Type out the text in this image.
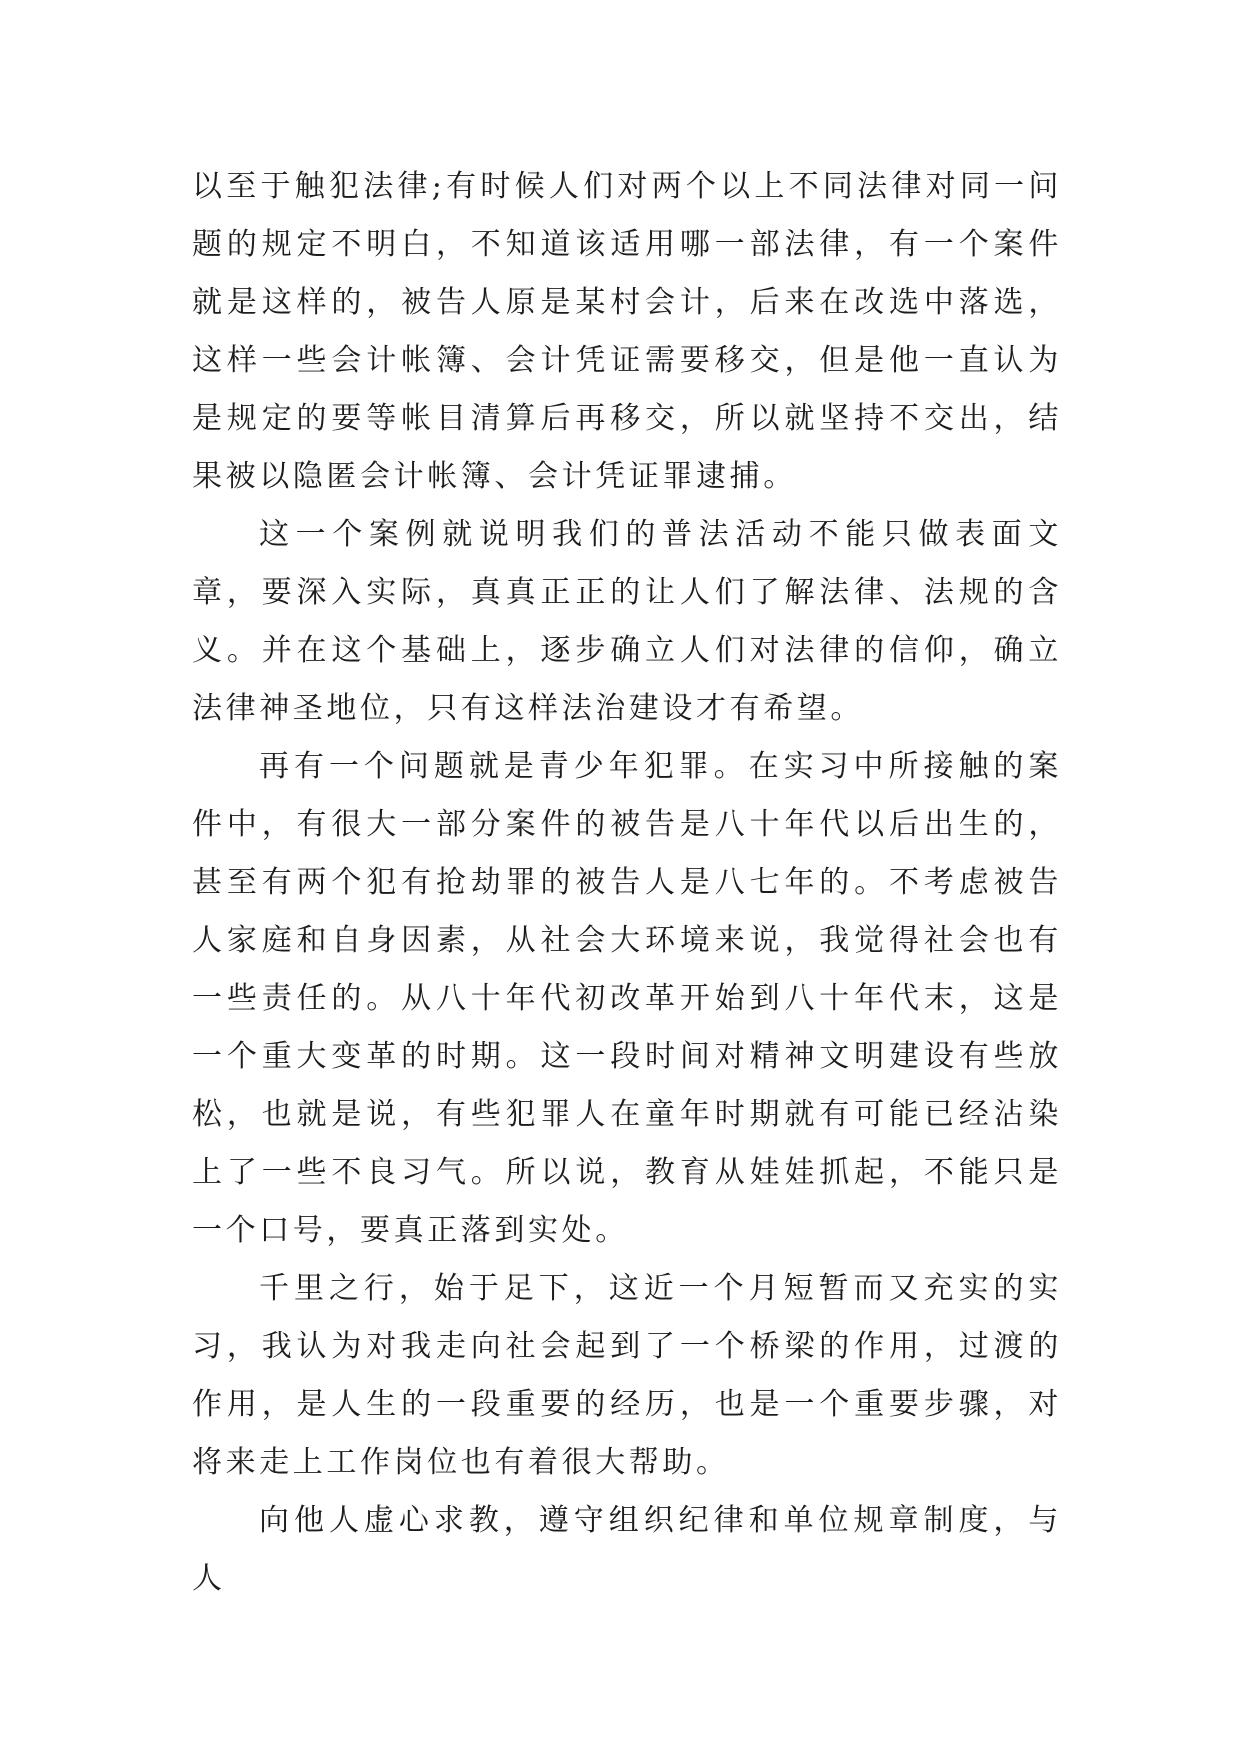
以至于触犯法律;有时候人们对两个以上不同法律对同一问题的规定不明白，不知道该适用哪一部法律，有一个案件就是这样的，被告人原是某村会计，后来在改选中落选，这样一些会计帐簿、会计凭证需要移交，但是他一直认为是规定的要等帐目清算后再移交，所以就坚持不交出，结果被以隐匿会计帐簿、会计凭证罪逮捕。

这一个案例就说明我们的普法活动不能只做表面文章，要深入实际，真真正正的让人们了解法律、法规的含义。并在这个基础上，逐步确立人们对法律的信仰，确立法律神圣地位，只有这样法治建设才有希望。

再有一个问题就是青少年犯罪。在实习中所接触的案件中，有很大一部分案件的被告是八十年代以后出生的，甚至有两个犯有抢劫罪的被告人是八七年的。不考虑被告人家庭和自身因素，从社会大环境来说，我觉得社会也有一些责任的。从八十年代初改革开始到八十年代末，这是一个重大变革的时期。这一段时间对精神文明建设有些放松，也就是说，有些犯罪人在童年时期就有可能已经沾染上了一些不良习气。所以说，教育从娃娃抓起，不能只是一个口号，要真正落到实处。

千里之行，始于足下，这近一个月短暂而又充实的实习，我认为对我走向社会起到了一个桥梁的作用，过渡的作用，是人生的一段重要的经历，也是一个重要步骤，对将来走上工作岗位也有着很大帮助。

向他人虚心求教，遵守组织纪律和单位规章制度，与人
